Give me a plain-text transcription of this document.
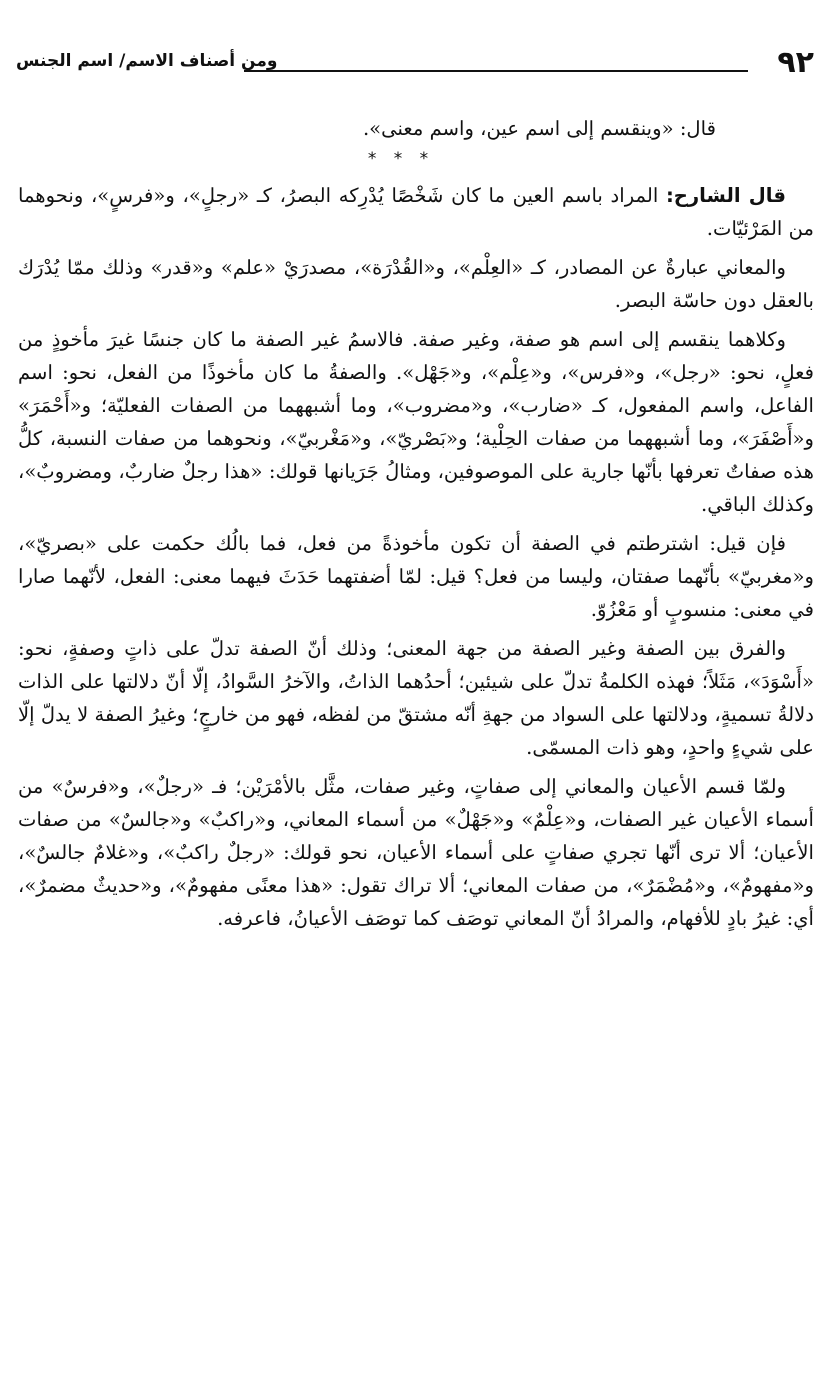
٩٢
ومن أصناف الاسم/ اسم الجنس

قال: «وينقسم إلى اسم عين، واسم معنى».

* * *

قال الشارح: المراد باسم العين ما كان شَخْصًا يُدْرِكه البصرُ، كـ «رجلٍ»، و«فرسٍ»، ونحوهما من المَرْئيّات.

والمعاني عبارةٌ عن المصادر، كـ «العِلْم»، و«القُدْرَة»، مصدرَيْ «علم» و«قدر» وذلك ممّا يُدْرَك بالعقل دون حاسّة البصر.

وكلاهما ينقسم إلى اسم هو صفة، وغير صفة. فالاسمُ غير الصفة ما كان جنسًا غيرَ مأخوذٍ من فعلٍ، نحو: «رجل»، و«فرس»، و«عِلْم»، و«جَهْل». والصفةُ ما كان مأخوذًا من الفعل، نحو: اسم الفاعل، واسم المفعول، كـ «ضارب»، و«مضروب»، وما أشبههما من الصفات الفعليّة؛ و«أَحْمَرَ» و«أَصْفَرَ»، وما أشبههما من صفات الحِلْية؛ و«بَصْريّ»، و«مَغْربيّ»، ونحوهما من صفات النسبة، كلُّ هذه صفاتٌ تعرفها بأنّها جارية على الموصوفين، ومثالُ جَرَيانها قولك: «هذا رجلٌ ضاربٌ، ومضروبٌ»، وكذلك الباقي.

فإن قيل: اشترطتم في الصفة أن تكون مأخوذةً من فعل، فما بالُك حكمت على «بصريّ»، و«مغربيّ» بأنّهما صفتان، وليسا من فعل؟ قيل: لمّا أضفتهما حَدَثَ فيهما معنى: الفعل، لأنّهما صارا في معنى: منسوبٍ أو مَعْزُوّ.

والفرق بين الصفة وغير الصفة من جهة المعنى؛ وذلك أنّ الصفة تدلّ على ذاتٍ وصفةٍ، نحو: «أَسْوَدَ»، مَثَلاً؛ فهذه الكلمةُ تدلّ على شيئين؛ أحدُهما الذاتُ، والآخرُ السَّوادُ، إلّا أنّ دلالتها على الذات دلالةُ تسميةٍ، ودلالتها على السواد من جهةِ أنّه مشتقّ من لفظه، فهو من خارجٍ؛ وغيرُ الصفة لا يدلّ إلّا على شيءٍ واحدٍ، وهو ذات المسمّى.

ولمّا قسم الأعيان والمعاني إلى صفاتٍ، وغير صفات، مثَّل بالأمْرَيْن؛ فـ «رجلٌ»، و«فرسٌ» من أسماء الأعيان غير الصفات، و«عِلْمٌ» و«جَهْلٌ» من أسماء المعاني، و«راكبٌ» و«جالسٌ» من صفات الأعيان؛ ألا ترى أنّها تجري صفاتٍ على أسماء الأعيان، نحو قولك: «رجلٌ راكبٌ»، و«غلامٌ جالسٌ»، و«مفهومٌ»، و«مُضْمَرٌ»، من صفات المعاني؛ ألا تراك تقول: «هذا معنًى مفهومٌ»، و«حديثٌ مضمرٌ»، أي: غيرُ بادٍ للأفهام، والمرادُ أنّ المعاني توصَف كما توصَف الأعيانُ، فاعرفه.
